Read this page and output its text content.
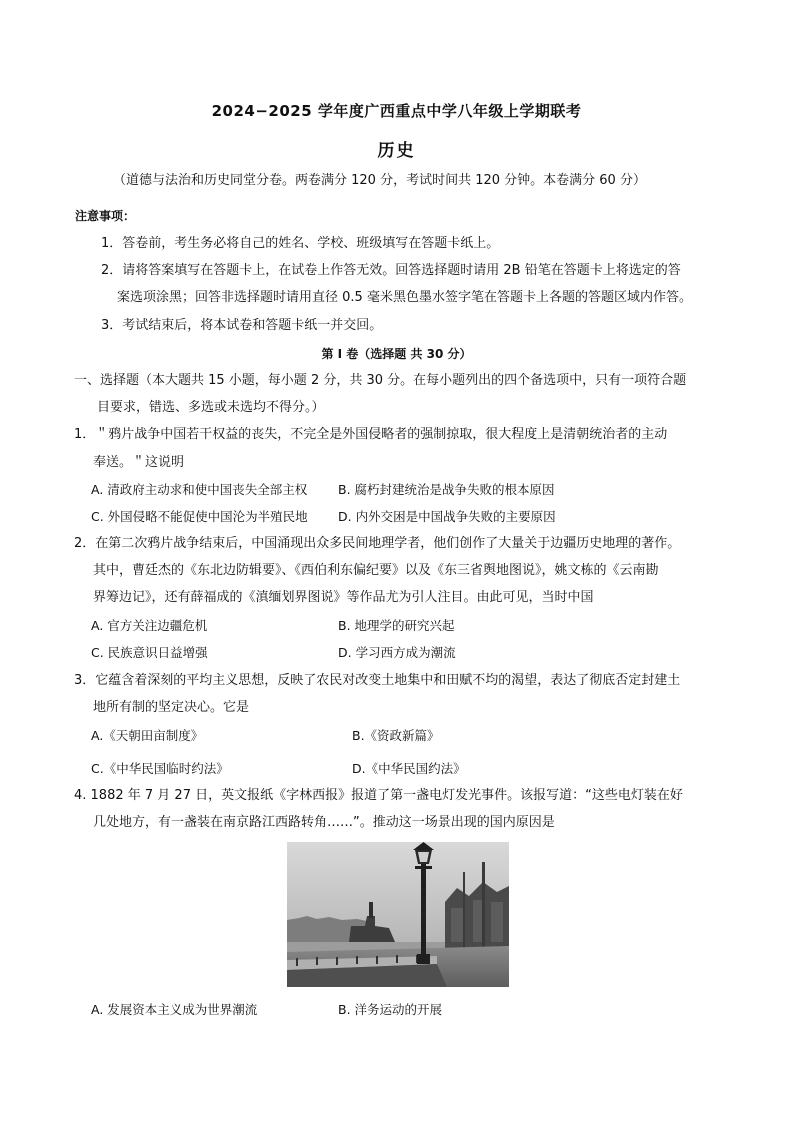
2024−2025 学年度广西重点中学八年级上学期联考
历史
（道德与法治和历史同堂分卷。两卷满分 120 分，考试时间共 120 分钟。本卷满分 60 分）
注意事项：
1．答卷前，考生务必将自己的姓名、学校、班级填写在答题卡纸上。
2．请将答案填写在答题卡上，在试卷上作答无效。回答选择题时请用 2B 铅笔在答题卡上将选定的答
案选项涂黑；回答非选择题时请用直径 0.5 毫米黑色墨水签字笔在答题卡上各题的答题区域内作答。
3．考试结束后，将本试卷和答题卡纸一并交回。
第 I 卷（选择题 共 30 分）
一、选择题（本大题共 15 小题，每小题 2 分，共 30 分。在每小题列出的四个备选项中，只有一项符合题
目要求，错选、多选或未选均不得分。）
1．＂鸦片战争中国若干权益的丧失，不完全是外国侵略者的强制掠取，很大程度上是清朝统治者的主动
奉送。＂这说明
A. 清政府主动求和使中国丧失全部主权 B. 腐朽封建统治是战争失败的根本原因
C. 外国侵略不能促使中国沦为半殖民地 D. 内外交困是中国战争失败的主要原因
2．在第二次鸦片战争结束后，中国涌现出众多民间地理学者，他们创作了大量关于边疆历史地理的著作。
其中，曹廷杰的《东北边防辑要》、《西伯利东偏纪要》以及《东三省舆地图说》，姚文栋的《云南勘
界筹边记》，还有薛福成的《滇缅划界图说》等作品尤为引人注目。由此可见，当时中国
A. 官方关注边疆危机	B. 地理学的研究兴起
C. 民族意识日益增强	D. 学习西方成为潮流
3．它蕴含着深刻的平均主义思想，反映了农民对改变土地集中和田赋不均的渴望，表达了彻底否定封建土
地所有制的坚定决心。它是
A.《天朝田亩制度》	B.《资政新篇》
C.《中华民国临时约法》	D.《中华民国约法》
4. 1882 年 7 月 27 日，英文报纸《字林西报》报道了第一盏电灯发光事件。该报写道：“这些电灯装在好
几处地方，有一盏装在南京路江西路转角……”。推动这一场景出现的国内原因是
A. 发展资本主义成为世界潮流	B. 洋务运动的开展
